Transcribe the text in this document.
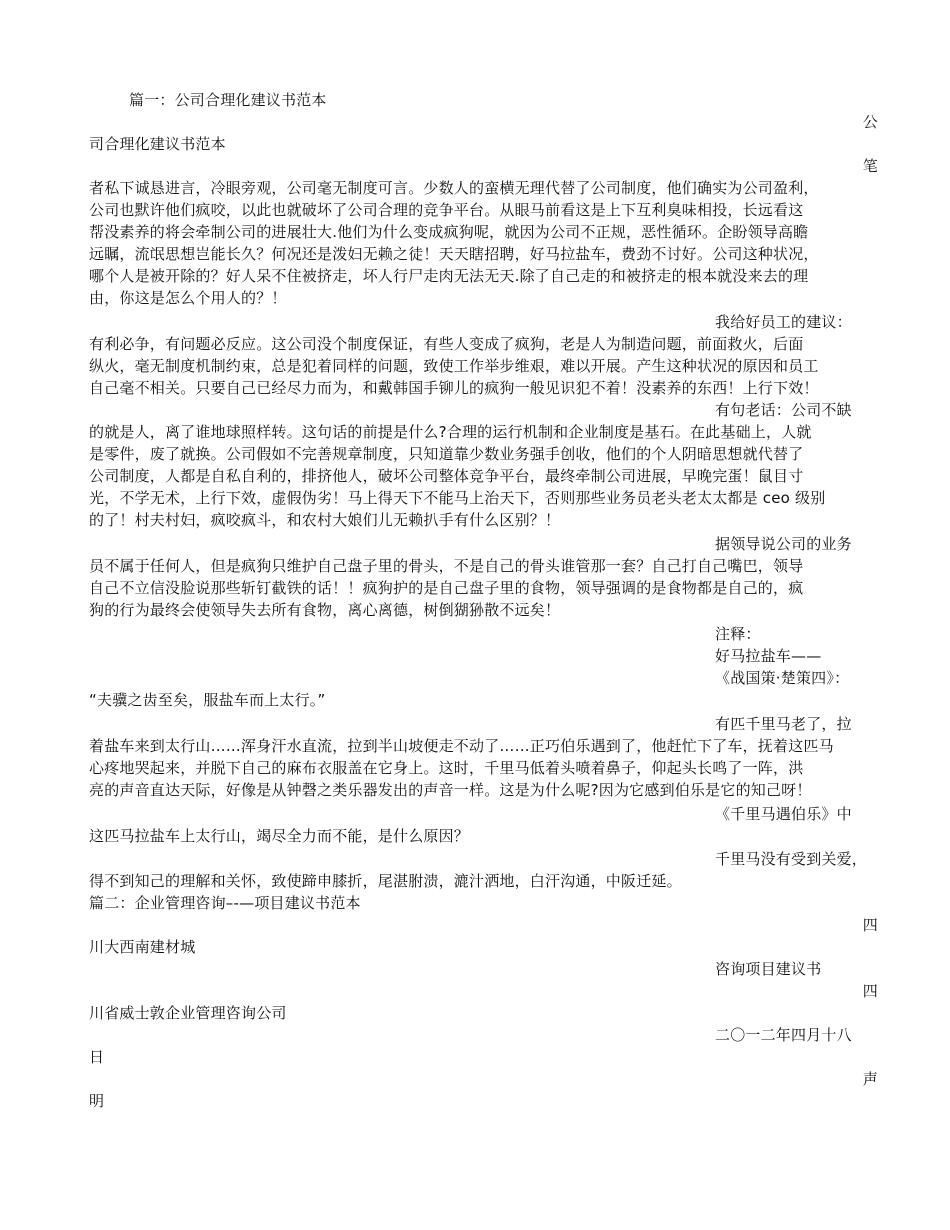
篇一：公司合理化建议书范本
公
司合理化建议书范本
笔
者私下诚恳进言，冷眼旁观，公司毫无制度可言。少数人的蛮横无理代替了公司制度，他们确实为公司盈利，
公司也默许他们疯咬，以此也就破坏了公司合理的竞争平台。从眼马前看这是上下互利臭味相投，长远看这
帮没素养的将会牵制公司的进展壮大.他们为什么变成疯狗呢，就因为公司不正规，恶性循环。企盼领导高瞻
远瞩，流氓思想岂能长久？何况还是泼妇无赖之徒！天天瞎招聘，好马拉盐车，费劲不讨好。公司这种状况，
哪个人是被开除的？好人呆不住被挤走，坏人行尸走肉无法无天.除了自己走的和被挤走的根本就没来去的理
由，你这是怎么个用人的？！
我给好员工的建议：
有利必争，有问题必反应。这公司没个制度保证，有些人变成了疯狗，老是人为制造问题，前面救火，后面
纵火，毫无制度机制约束，总是犯着同样的问题，致使工作举步维艰，难以开展。产生这种状况的原因和员工
自己毫不相关。只要自己已经尽力而为，和戴韩国手铆儿的疯狗一般见识犯不着！没素养的东西！上行下效！
有句老话：公司不缺
的就是人，离了谁地球照样转。这句话的前提是什么?合理的运行机制和企业制度是基石。在此基础上，人就
是零件，废了就换。公司假如不完善规章制度，只知道靠少数业务强手创收，他们的个人阴暗思想就代替了
公司制度，人都是自私自利的，排挤他人，破坏公司整体竞争平台，最终牵制公司进展，早晚完蛋！鼠目寸
光，不学无术，上行下效，虚假伪劣！马上得天下不能马上治天下，否则那些业务员老头老太太都是 ceo 级别
的了！村夫村妇，疯咬疯斗，和农村大娘们儿无赖扒手有什么区别？！
据领导说公司的业务
员不属于任何人，但是疯狗只维护自己盘子里的骨头，不是自己的骨头谁管那一套？自己打自己嘴巴，领导
自己不立信没脸说那些斩钉截铁的话！！疯狗护的是自己盘子里的食物，领导强调的是食物都是自己的，疯
狗的行为最终会使领导失去所有食物，离心离德，树倒猢狲散不远矣！
注释：
好马拉盐车——
《战国策·楚策四》：
“夫骥之齿至矣，服盐车而上太行。”
有匹千里马老了，拉
着盐车来到太行山……浑身汗水直流，拉到半山坡便走不动了……正巧伯乐遇到了，他赶忙下了车，抚着这匹马
心疼地哭起来，并脱下自己的麻布衣服盖在它身上。这时，千里马低着头喷着鼻子，仰起头长鸣了一阵，洪
亮的声音直达天际，好像是从钟磬之类乐器发出的声音一样。这是为什么呢?因为它感到伯乐是它的知己呀！
《千里马遇伯乐》中
这匹马拉盐车上太行山，竭尽全力而不能，是什么原因？
千里马没有受到关爱，
得不到知己的理解和关怀，致使蹄申膝折，尾湛胕溃，漉汁洒地，白汗沟通，中阪迁延。
篇二：企业管理咨询–-—项目建议书范本
四
川大西南建材城
咨询项目建议书
四
川省威士敦企业管理咨询公司
二〇一二年四月十八
日
声
明
